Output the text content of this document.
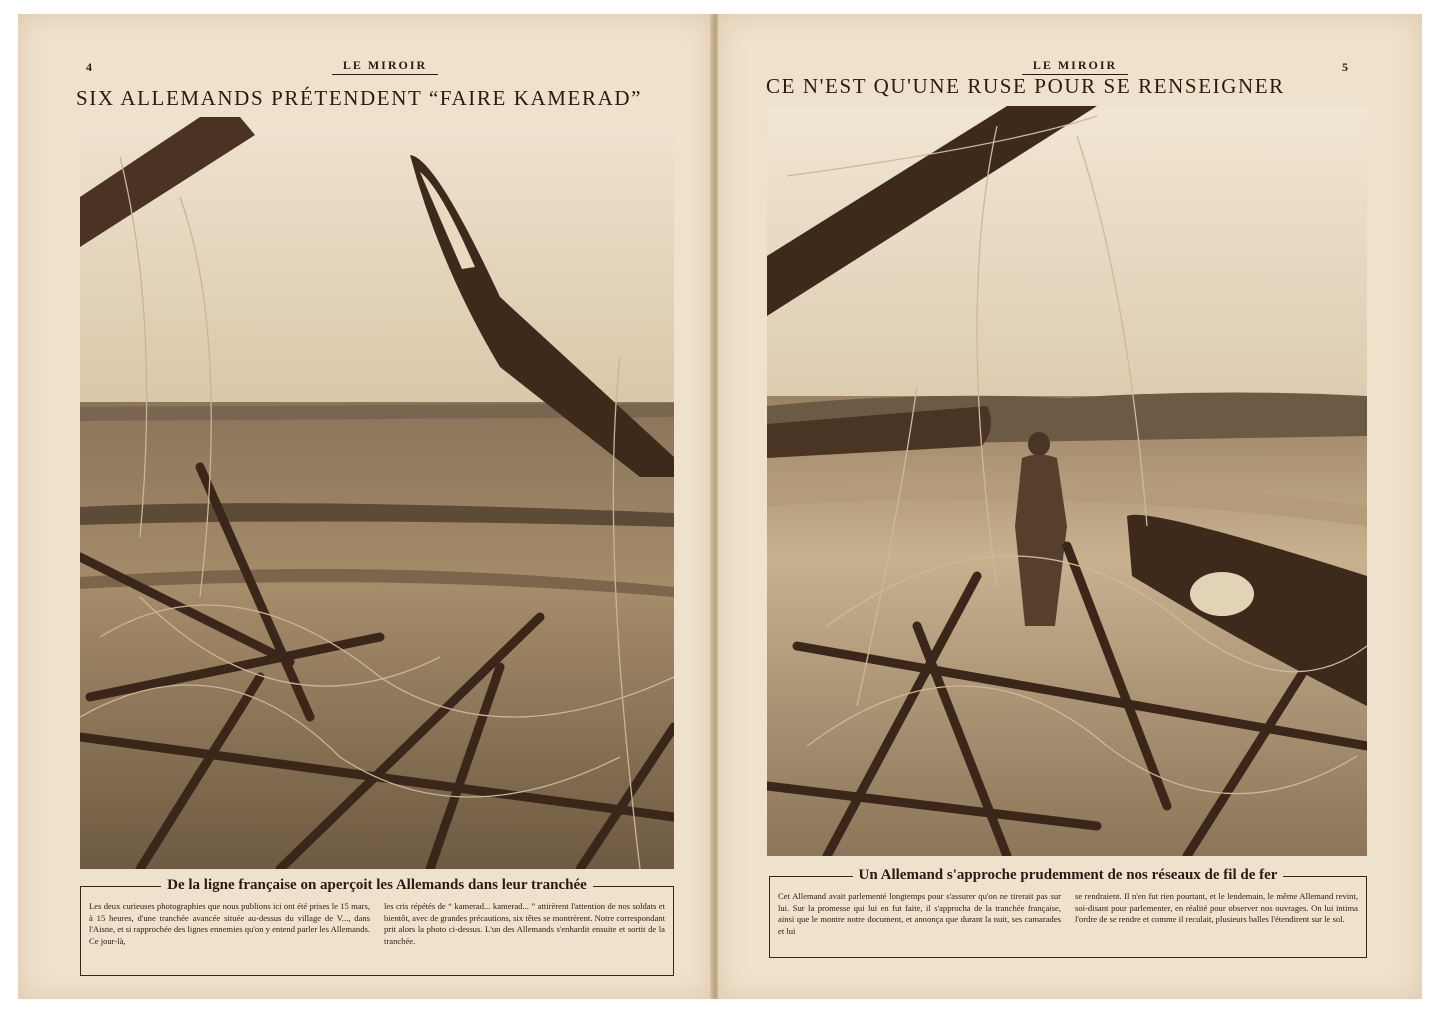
4	LE MIROIR
SIX ALLEMANDS PRÉTENDENT “FAIRE KAMERAD”
De la ligne française on aperçoit les Allemands dans leur tranchée
Les deux curieuses photographies que nous publions ici ont été prises le 15 mars, à 15 heures, d'une tranchée avancée située au-dessus du village de V..., dans l'Aisne, et si rapprochée des lignes ennemies qu'on y entend parler les Allemands. Ce jour-là,
les cris répétés de “ kamerad... kamerad... ” attirèrent l'attention de nos soldats et bientôt, avec de grandes précautions, six têtes se montrèrent. Notre correspondant prit alors la photo ci-dessus. L'un des Allemands s'enhardit ensuite et sortit de la tranchée.
LE MIROIR	5
CE N'EST QU'UNE RUSE POUR SE RENSEIGNER
Un Allemand s'approche prudemment de nos réseaux de fil de fer
Cet Allemand avait parlementé longtemps pour s'assurer qu'on ne tirerait pas sur lui. Sur la promesse qui lui en fut faite, il s'approcha de la tranchée française, ainsi que le montre notre document, et annonça que durant la nuit, ses camarades et lui
se rendraient. Il n'en fut rien pourtant, et le lendemain, le même Allemand revint, soi-disant pour parlementer, en réalité pour observer nos ouvrages. On lui intima l'ordre de se rendre et comme il reculait, plusieurs balles l'étendirent sur le sol.
